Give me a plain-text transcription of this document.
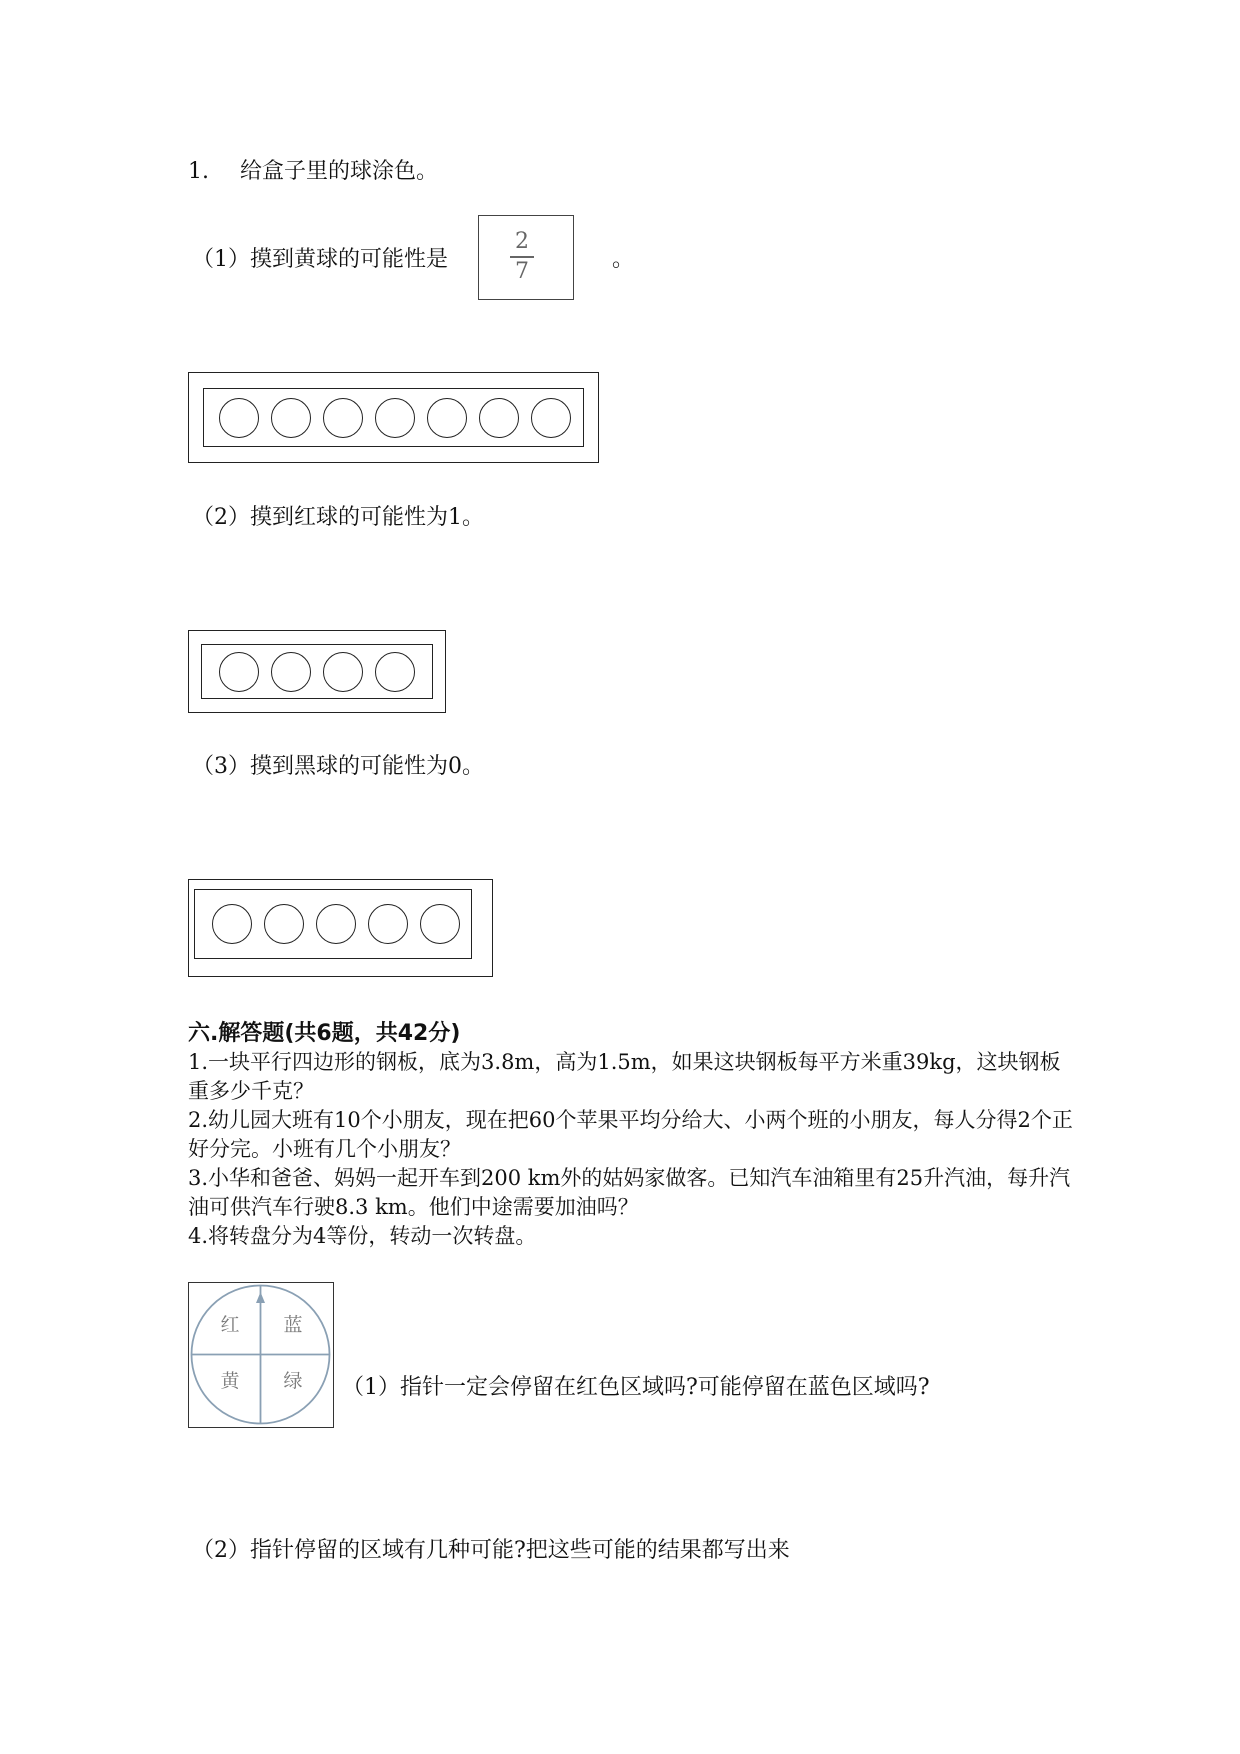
1. 给盒子里的球涂色。
（1）摸到黄球的可能性是
2
7	。
（2）摸到红球的可能性为1。
（3）摸到黑球的可能性为0。
六.解答题(共6题，共42分)

1.一块平行四边形的钢板，底为3.8m，高为1.5m，如果这块钢板每平方米重39kg，这块钢板重多少千克？

2.幼儿园大班有10个小朋友，现在把60个苹果平均分给大、小两个班的小朋友，每人分得2个正好分完。小班有几个小朋友？

3.小华和爸爸、妈妈一起开车到200 km外的姑妈家做客。已知汽车油箱里有25升汽油，每升汽油可供汽车行驶8.3 km。他们中途需要加油吗？

4.将转盘分为4等份，转动一次转盘。

红 蓝
黄 绿 （1）指针一定会停留在红色区域吗?可能停留在蓝色区域吗?
（2）指针停留的区域有几种可能?把这些可能的结果都写出来
